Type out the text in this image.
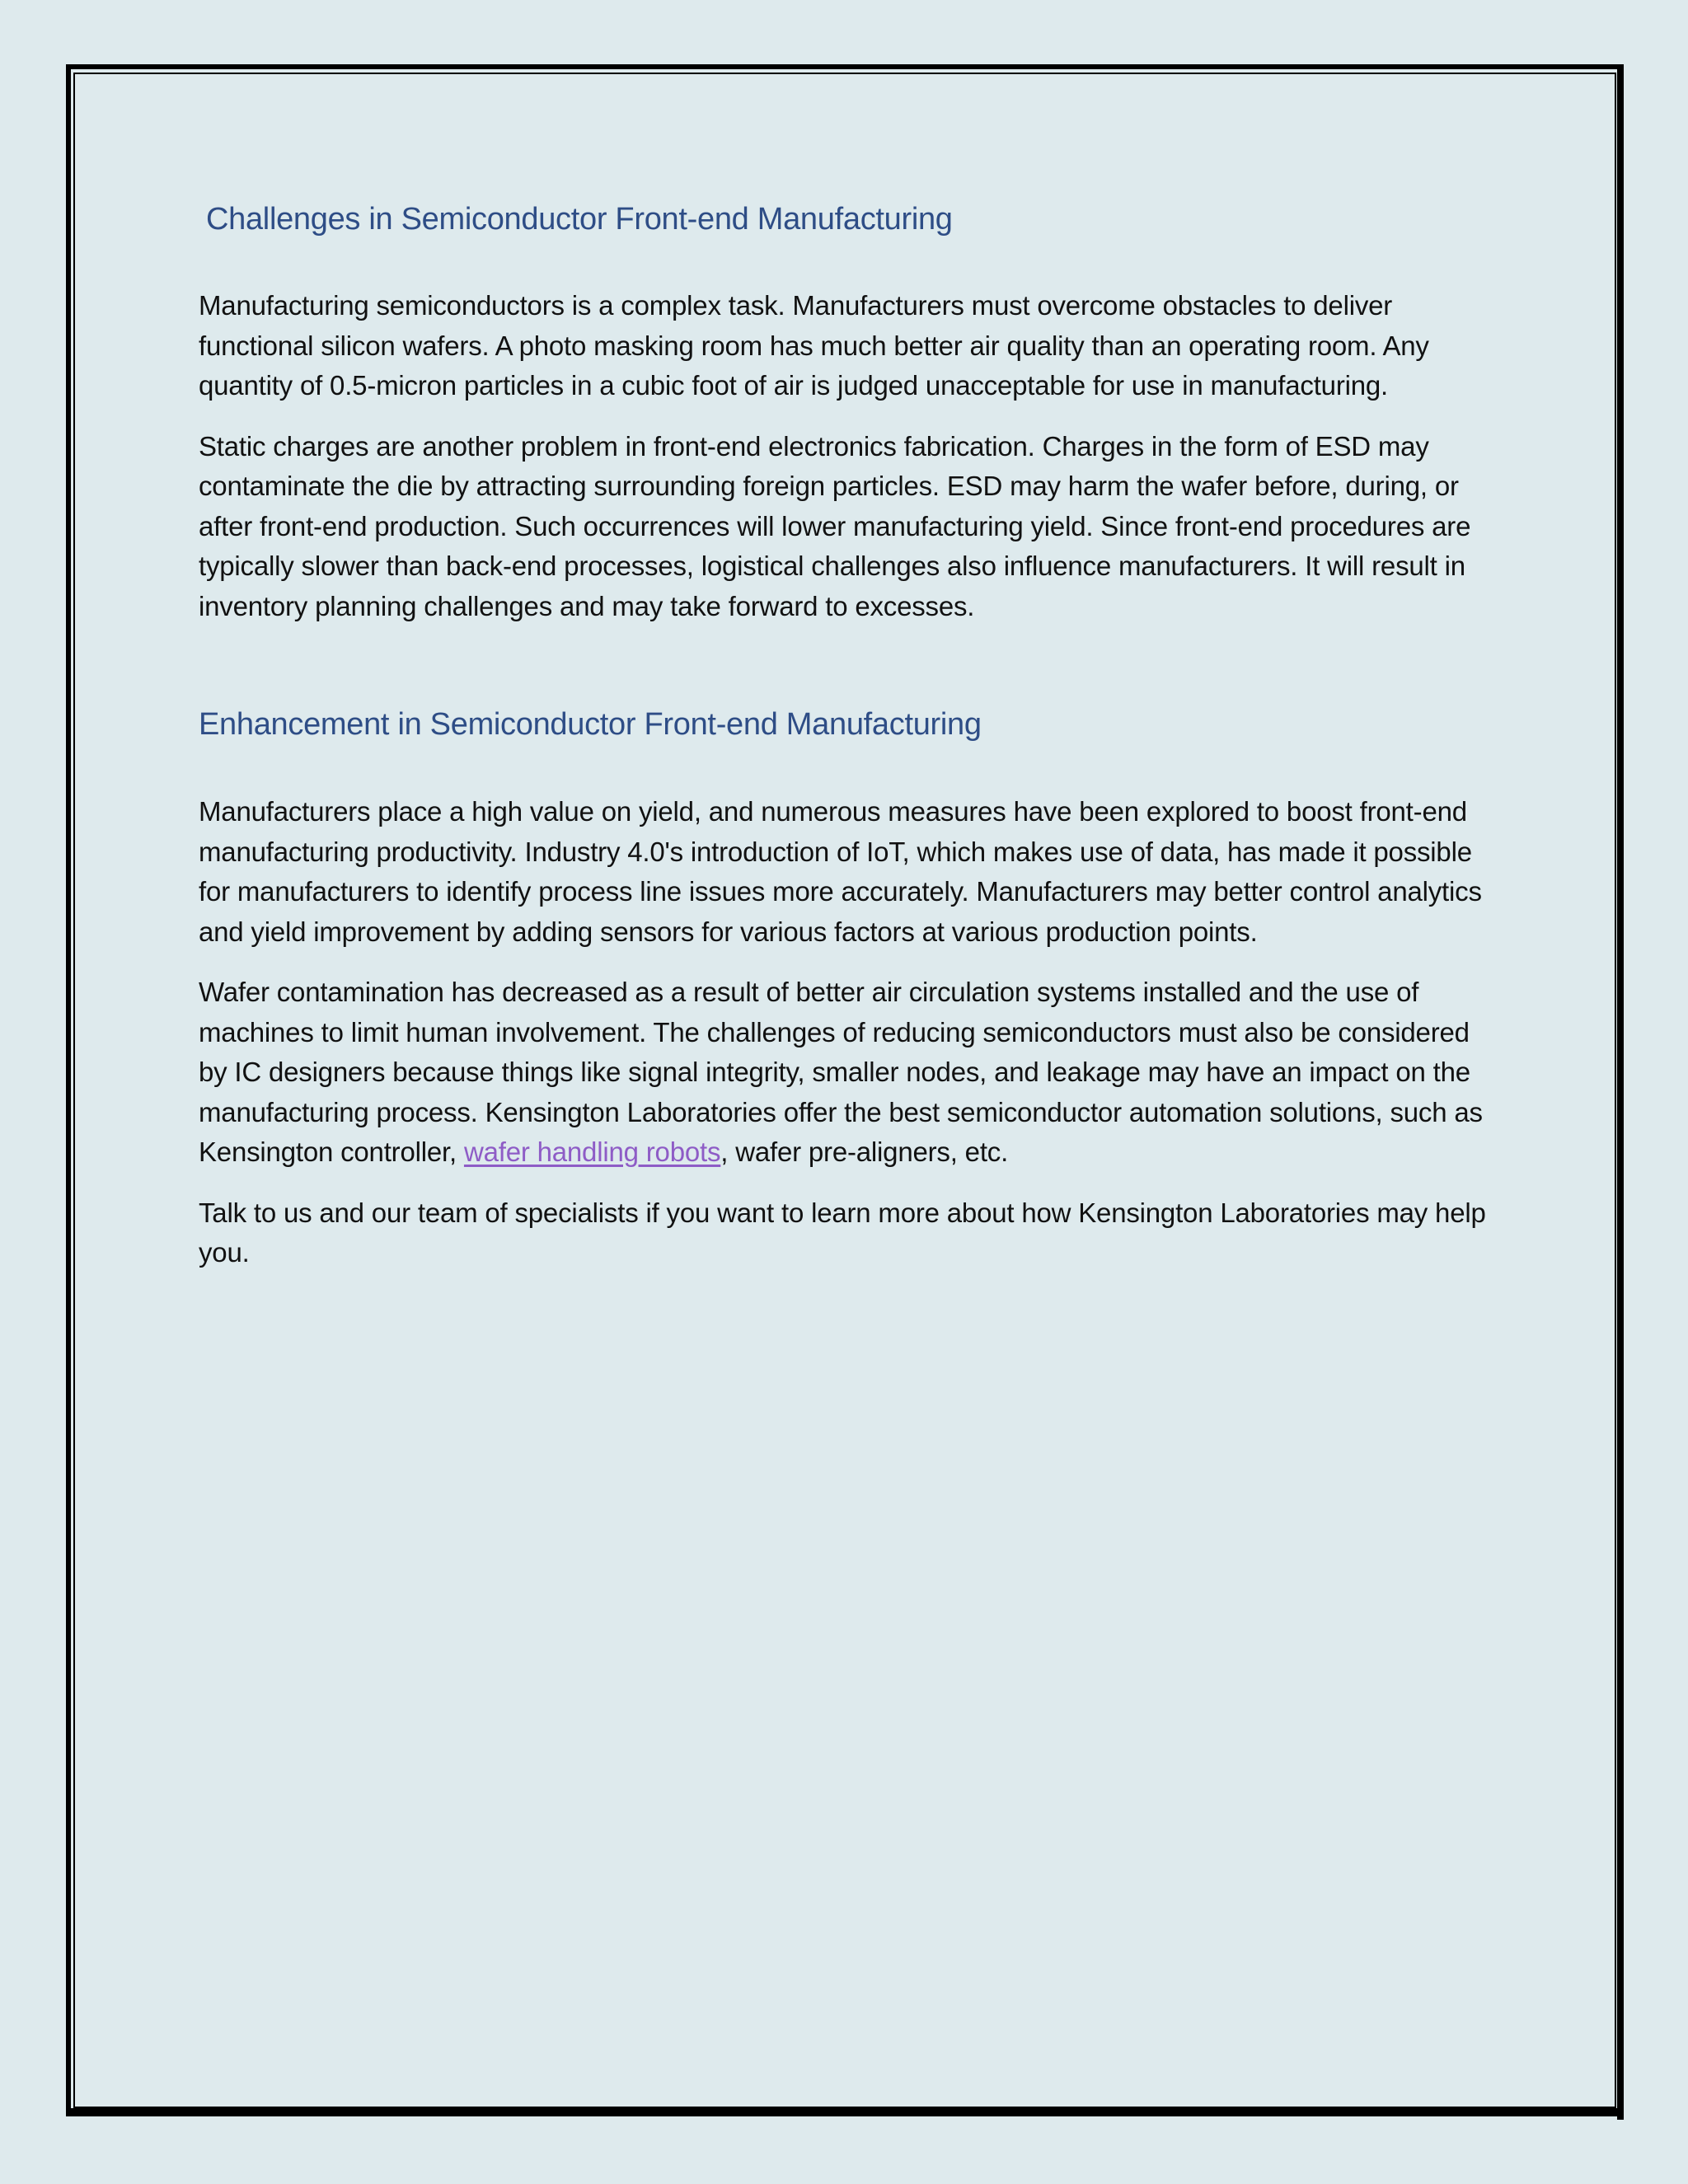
Challenges in Semiconductor Front-end Manufacturing

Manufacturing semiconductors is a complex task. Manufacturers must overcome obstacles to deliver functional silicon wafers. A photo masking room has much better air quality than an operating room. Any quantity of 0.5-micron particles in a cubic foot of air is judged unacceptable for use in manufacturing.

Static charges are another problem in front-end electronics fabrication. Charges in the form of ESD may contaminate the die by attracting surrounding foreign particles. ESD may harm the wafer before, during, or after front-end production. Such occurrences will lower manufacturing yield. Since front-end procedures are typically slower than back-end processes, logistical challenges also influence manufacturers. It will result in inventory planning challenges and may take forward to excesses.

Enhancement in Semiconductor Front-end Manufacturing

Manufacturers place a high value on yield, and numerous measures have been explored to boost front-end manufacturing productivity. Industry 4.0's introduction of IoT, which makes use of data, has made it possible for manufacturers to identify process line issues more accurately. Manufacturers may better control analytics and yield improvement by adding sensors for various factors at various production points.

Wafer contamination has decreased as a result of better air circulation systems installed and the use of machines to limit human involvement. The challenges of reducing semiconductors must also be considered by IC designers because things like signal integrity, smaller nodes, and leakage may have an impact on the manufacturing process. Kensington Laboratories offer the best semiconductor automation solutions, such as Kensington controller, wafer handling robots, wafer pre-aligners, etc.

Talk to us and our team of specialists if you want to learn more about how Kensington Laboratories may help you.
